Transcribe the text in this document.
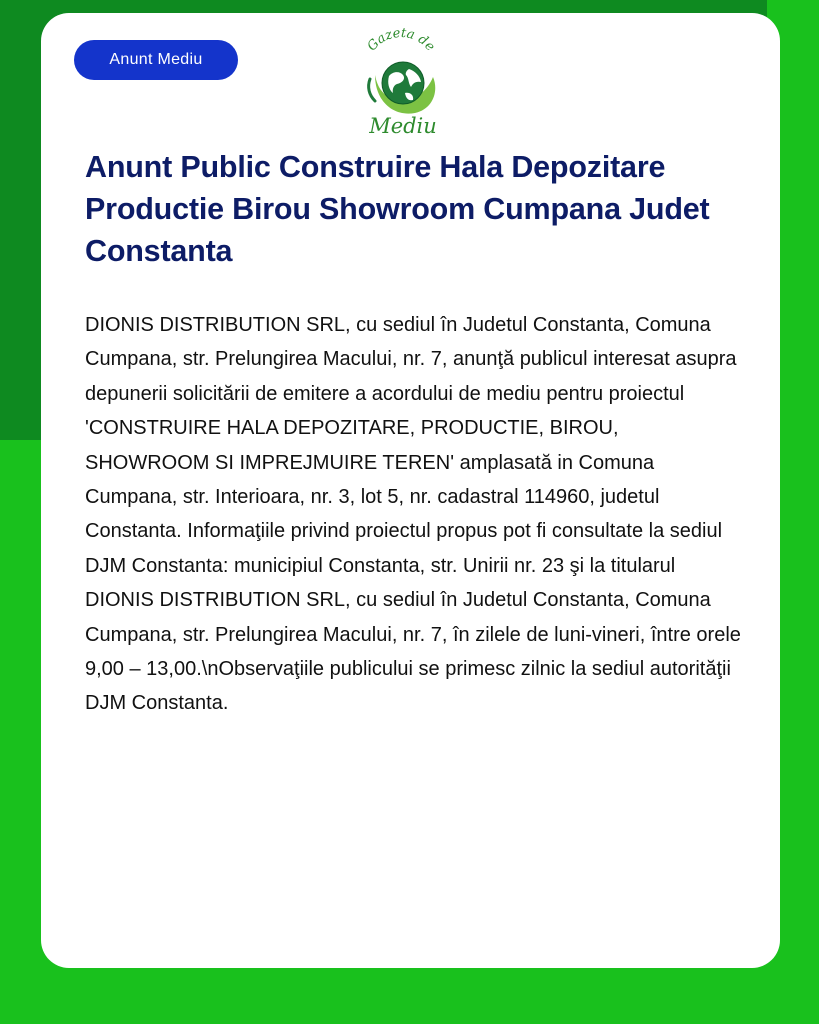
Anunt Mediu
Gazeta de
Mediu
Anunt Public Construire Hala Depozitare Productie Birou Showroom Cumpana Judet Constanta

DIONIS DISTRIBUTION SRL, cu sediul în Judetul Constanta, Comuna Cumpana, str. Prelungirea Macului, nr. 7, anunţă publicul interesat asupra depunerii solicitării de emitere a acordului de mediu pentru proiectul 'CONSTRUIRE HALA DEPOZITARE, PRODUCTIE, BIROU, SHOWROOM SI IMPREJMUIRE TEREN' amplasată in Comuna Cumpana, str. Interioara, nr. 3, lot 5, nr. cadastral 114960, judetul Constanta. Informaţiile privind proiectul propus pot fi consultate la sediul DJM Constanta: municipiul Constanta, str. Unirii nr. 23 şi la titularul DIONIS DISTRIBUTION SRL, cu sediul în Judetul Constanta, Comuna Cumpana, str. Prelungirea Macului, nr. 7, în zilele de luni-vineri, între orele 9,00 – 13,00.\nObservaţiile publicului se primesc zilnic la sediul autorităţii DJM Constanta.
